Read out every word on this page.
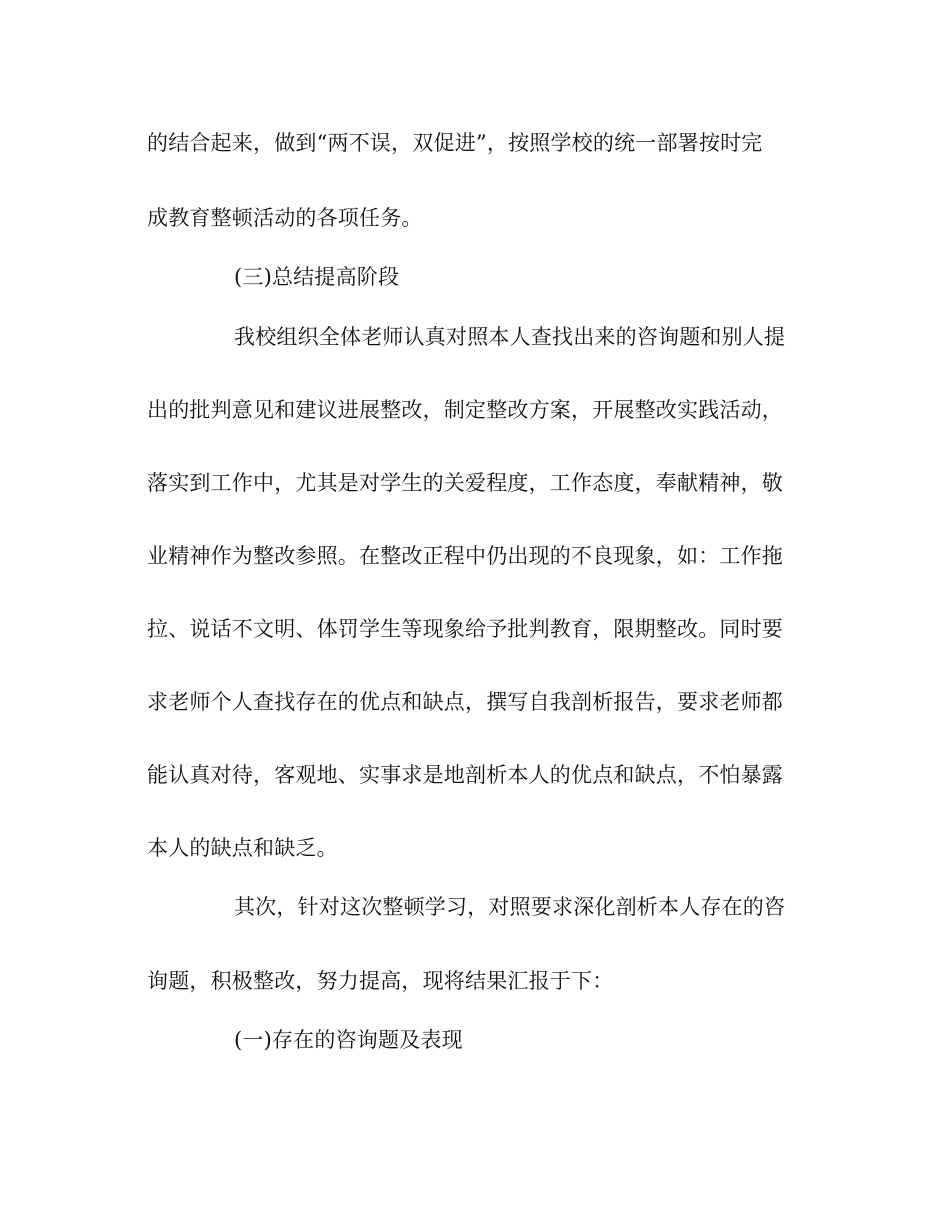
的结合起来，做到“两不误，双促进”，按照学校的统一部署按时完
成教育整顿活动的各项任务。
(三)总结提高阶段
我校组织全体老师认真对照本人查找出来的咨询题和别人提
出的批判意见和建议进展整改，制定整改方案，开展整改实践活动，
落实到工作中，尤其是对学生的关爱程度，工作态度，奉献精神，敬
业精神作为整改参照。在整改正程中仍出现的不良现象，如：工作拖
拉、说话不文明、体罚学生等现象给予批判教育，限期整改。同时要
求老师个人查找存在的优点和缺点，撰写自我剖析报告，要求老师都
能认真对待，客观地、实事求是地剖析本人的优点和缺点，不怕暴露
本人的缺点和缺乏。
其次，针对这次整顿学习，对照要求深化剖析本人存在的咨
询题，积极整改，努力提高，现将结果汇报于下：
(一)存在的咨询题及表现
